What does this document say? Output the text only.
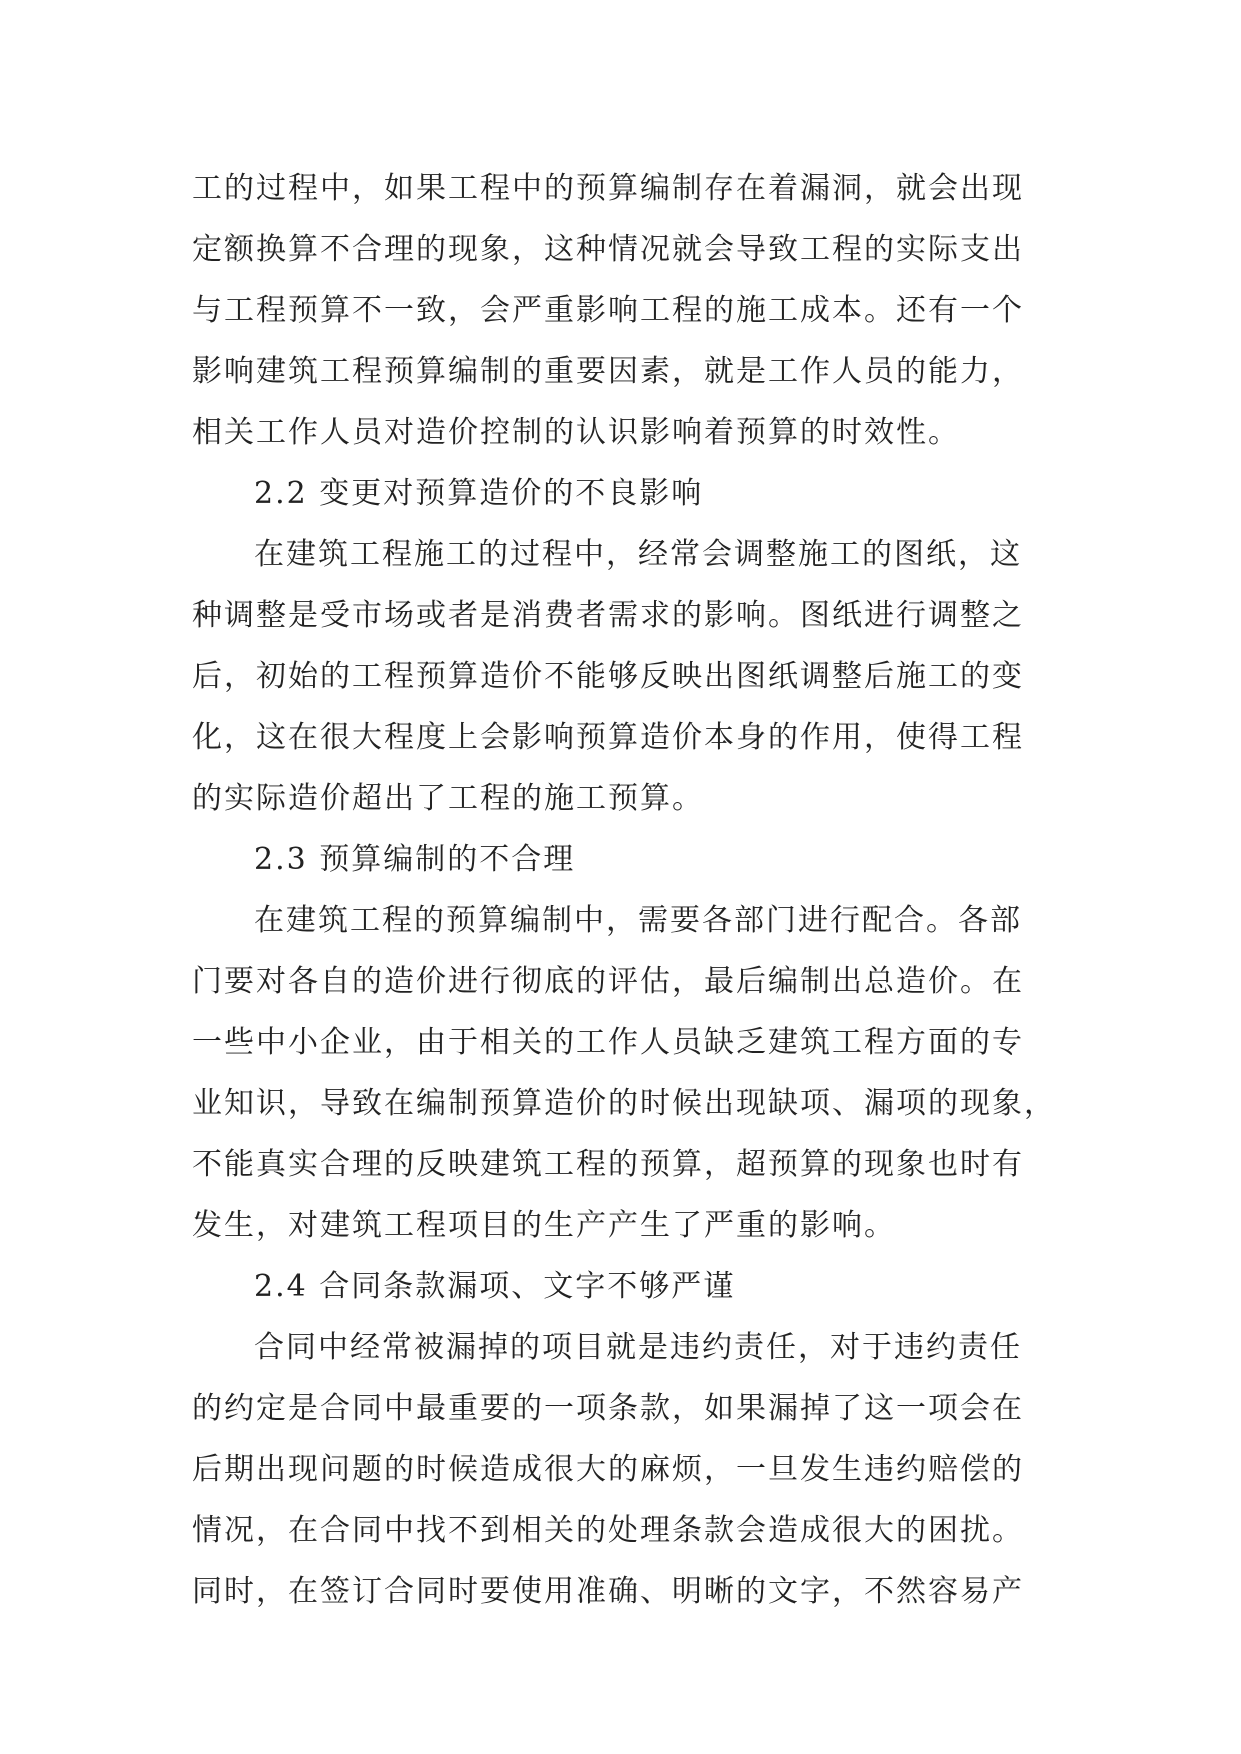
工的过程中，如果工程中的预算编制存在着漏洞，就会出现
定额换算不合理的现象，这种情况就会导致工程的实际支出
与工程预算不一致，会严重影响工程的施工成本。还有一个
影响建筑工程预算编制的重要因素，就是工作人员的能力，
相关工作人员对造价控制的认识影响着预算的时效性。
2.2 变更对预算造价的不良影响
在建筑工程施工的过程中，经常会调整施工的图纸，这
种调整是受市场或者是消费者需求的影响。图纸进行调整之
后，初始的工程预算造价不能够反映出图纸调整后施工的变
化，这在很大程度上会影响预算造价本身的作用，使得工程
的实际造价超出了工程的施工预算。
2.3 预算编制的不合理
在建筑工程的预算编制中，需要各部门进行配合。各部
门要对各自的造价进行彻底的评估，最后编制出总造价。在
一些中小企业，由于相关的工作人员缺乏建筑工程方面的专
业知识，导致在编制预算造价的时候出现缺项、漏项的现象，
不能真实合理的反映建筑工程的预算，超预算的现象也时有
发生，对建筑工程项目的生产产生了严重的影响。
2.4 合同条款漏项、文字不够严谨
合同中经常被漏掉的项目就是违约责任，对于违约责任
的约定是合同中最重要的一项条款，如果漏掉了这一项会在
后期出现问题的时候造成很大的麻烦，一旦发生违约赔偿的
情况，在合同中找不到相关的处理条款会造成很大的困扰。
同时，在签订合同时要使用准确、明晰的文字，不然容易产
